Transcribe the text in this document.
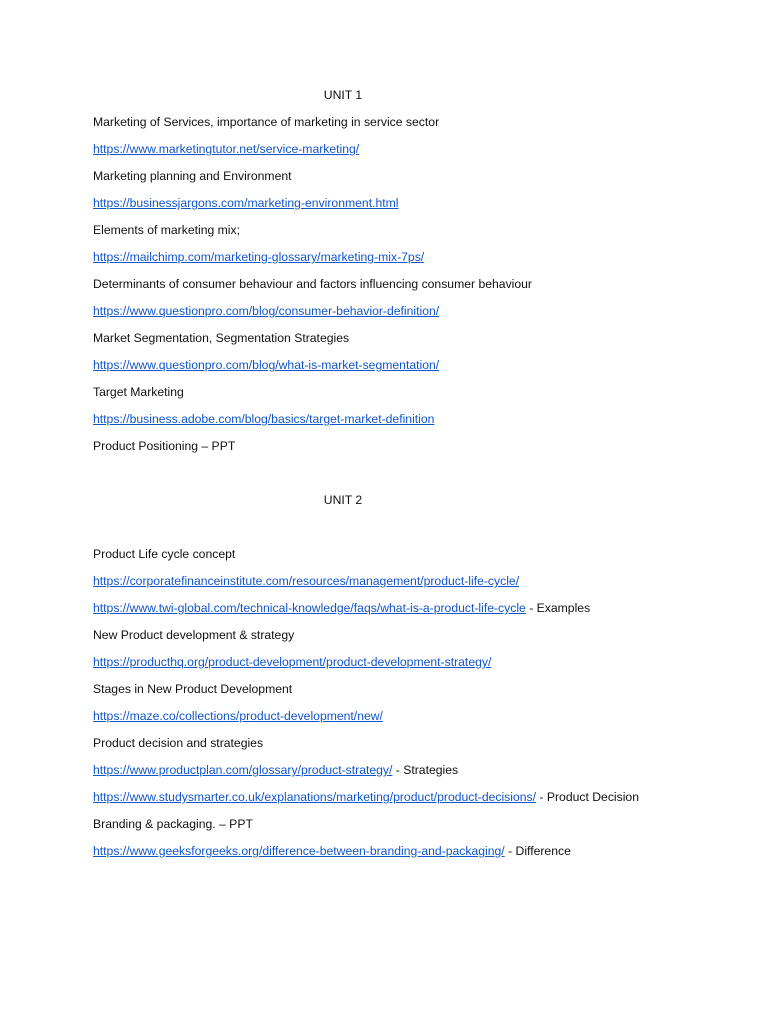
UNIT 1
Marketing of Services, importance of marketing in service sector
https://www.marketingtutor.net/service-marketing/
Marketing planning and Environment
https://businessjargons.com/marketing-environment.html
Elements of marketing mix;
https://mailchimp.com/marketing-glossary/marketing-mix-7ps/
Determinants of consumer behaviour and factors influencing consumer behaviour
https://www.questionpro.com/blog/consumer-behavior-definition/
Market Segmentation, Segmentation Strategies
https://www.questionpro.com/blog/what-is-market-segmentation/
Target Marketing
https://business.adobe.com/blog/basics/target-market-definition
Product Positioning – PPT
UNIT 2
Product Life cycle concept
https://corporatefinanceinstitute.com/resources/management/product-life-cycle/
https://www.twi-global.com/technical-knowledge/faqs/what-is-a-product-life-cycle - Examples
New Product development & strategy
https://producthq.org/product-development/product-development-strategy/
Stages in New Product Development
https://maze.co/collections/product-development/new/
Product decision and strategies
https://www.productplan.com/glossary/product-strategy/ - Strategies
https://www.studysmarter.co.uk/explanations/marketing/product/product-decisions/ - Product Decision
Branding & packaging. – PPT
https://www.geeksforgeeks.org/difference-between-branding-and-packaging/ - Difference
